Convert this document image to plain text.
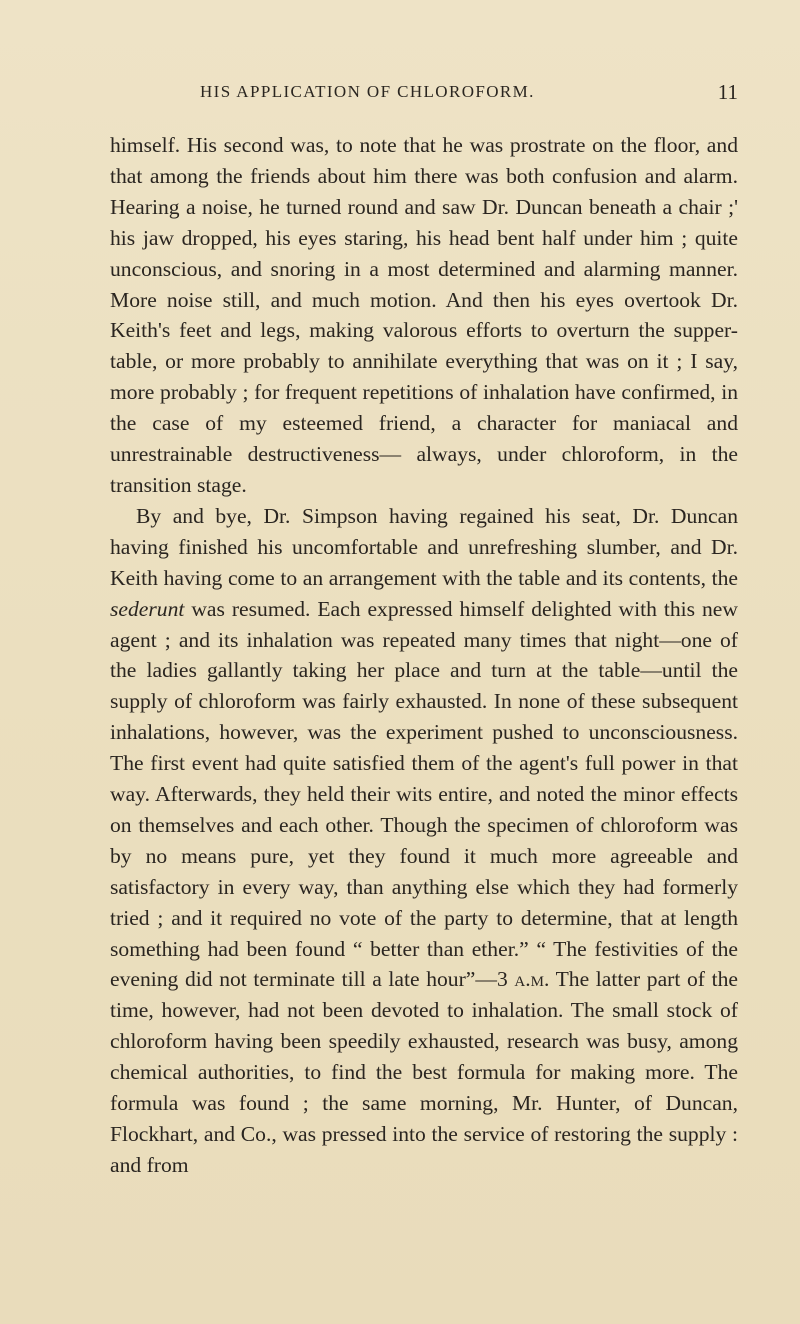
HIS APPLICATION OF CHLOROFORM.	11

himself. His second was, to note that he was prostrate on the floor, and that among the friends about him there was both confusion and alarm. Hearing a noise, he turned round and saw Dr. Duncan beneath a chair ;' his jaw dropped, his eyes staring, his head bent half under him ; quite unconscious, and snoring in a most determined and alarming manner. More noise still, and much motion. And then his eyes overtook Dr. Keith's feet and legs, making valorous efforts to overturn the supper-table, or more probably to annihilate everything that was on it ; I say, more probably ; for frequent repetitions of inhalation have confirmed, in the case of my esteemed friend, a character for maniacal and unrestrainable destructiveness— always, under chloroform, in the transition stage.

By and bye, Dr. Simpson having regained his seat, Dr. Duncan having finished his uncomfortable and unrefreshing slumber, and Dr. Keith having come to an arrangement with the table and its contents, the sederunt was resumed. Each expressed himself delighted with this new agent ; and its inhalation was repeated many times that night—one of the ladies gallantly taking her place and turn at the table—until the supply of chloroform was fairly exhausted. In none of these subsequent inhalations, however, was the experiment pushed to unconsciousness. The first event had quite satisfied them of the agent's full power in that way. Afterwards, they held their wits entire, and noted the minor effects on themselves and each other. Though the specimen of chloroform was by no means pure, yet they found it much more agreeable and satisfactory in every way, than anything else which they had formerly tried ; and it required no vote of the party to determine, that at length something had been found “ better than ether.” “ The festivities of the evening did not terminate till a late hour”—3 a.m. The latter part of the time, however, had not been devoted to inhalation. The small stock of chloroform having been speedily exhausted, research was busy, among chemical authorities, to find the best formula for making more. The formula was found ; the same morning, Mr. Hunter, of Duncan, Flockhart, and Co., was pressed into the service of restoring the supply : and from
